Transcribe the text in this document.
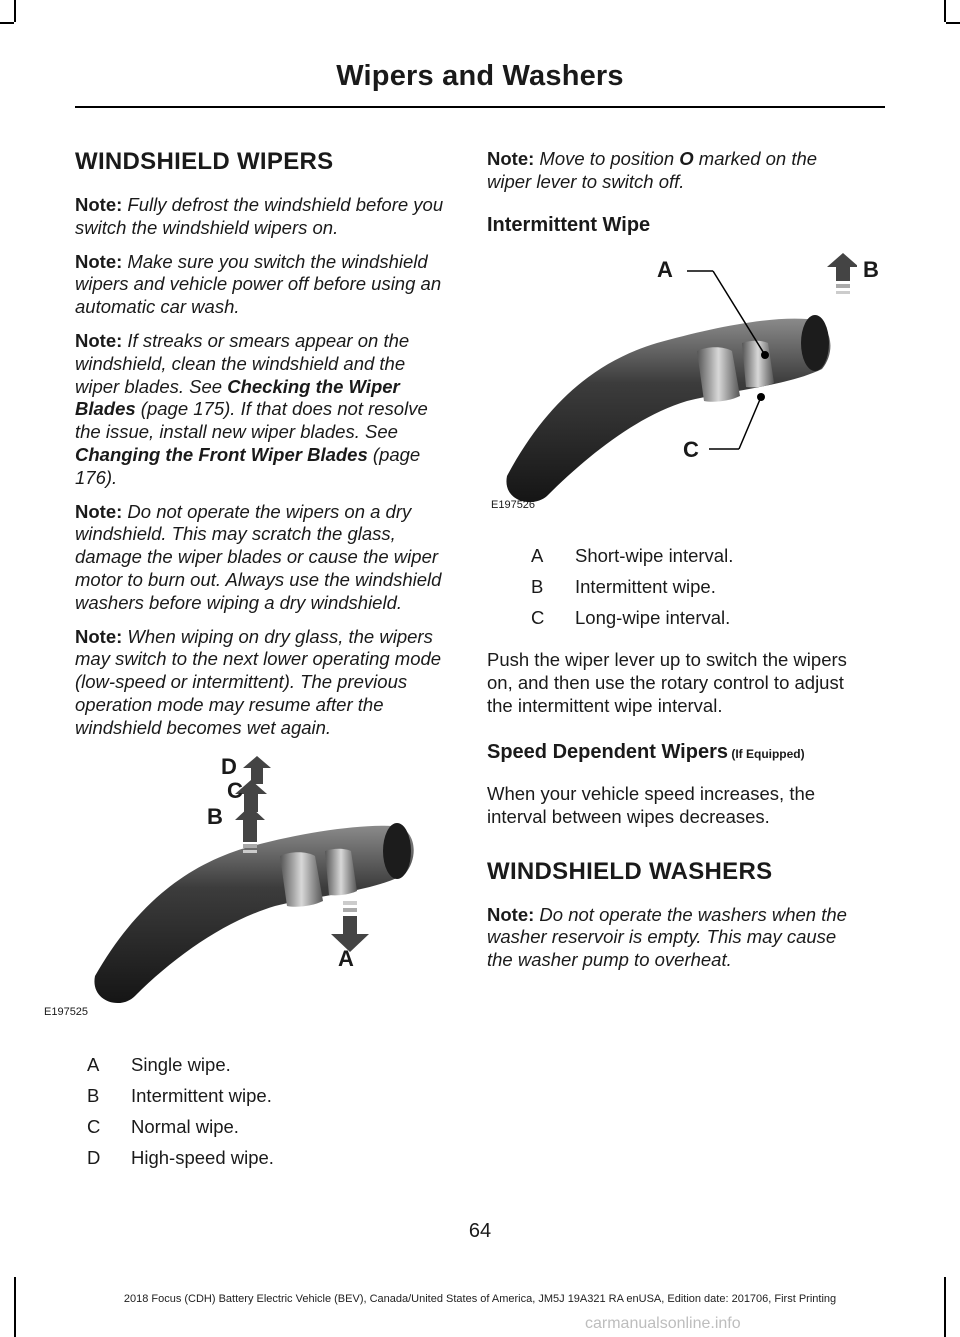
Wipers and Washers
WINDSHIELD WIPERS

Note: Fully defrost the windshield before you switch the windshield wipers on.

Note: Make sure you switch the windshield wipers and vehicle power off before using an automatic car wash.

Note: If streaks or smears appear on the windshield, clean the windshield and the wiper blades. See Checking the Wiper Blades (page 175). If that does not resolve the issue, install new wiper blades. See Changing the Front Wiper Blades (page 176).

Note: Do not operate the wipers on a dry windshield. This may scratch the glass, damage the wiper blades or cause the wiper motor to burn out. Always use the windshield washers before wiping a dry windshield.

Note: When wiping on dry glass, the wipers may switch to the next lower operating mode (low-speed or intermittent). The previous operation mode may resume after the windshield becomes wet again.

D
C
B
A
E197525
A	Single wipe.
B	Intermittent wipe.
C	Normal wipe.
D	High-speed wipe.

Note: Move to position O marked on the wiper lever to switch off.

Intermittent Wipe
A	B
C
E197526
A	Short-wipe interval.
B	Intermittent wipe.
C	Long-wipe interval.

Push the wiper lever up to switch the wipers on, and then use the rotary control to adjust the intermittent wipe interval.

Speed Dependent Wipers (If Equipped)

When your vehicle speed increases, the interval between wipes decreases.

WINDSHIELD WASHERS

Note: Do not operate the washers when the washer reservoir is empty. This may cause the washer pump to overheat.

64
2018 Focus (CDH) Battery Electric Vehicle (BEV), Canada/United States of America, JM5J 19A321 RA enUSA, Edition date: 201706, First Printing
carmanualsonline.info
